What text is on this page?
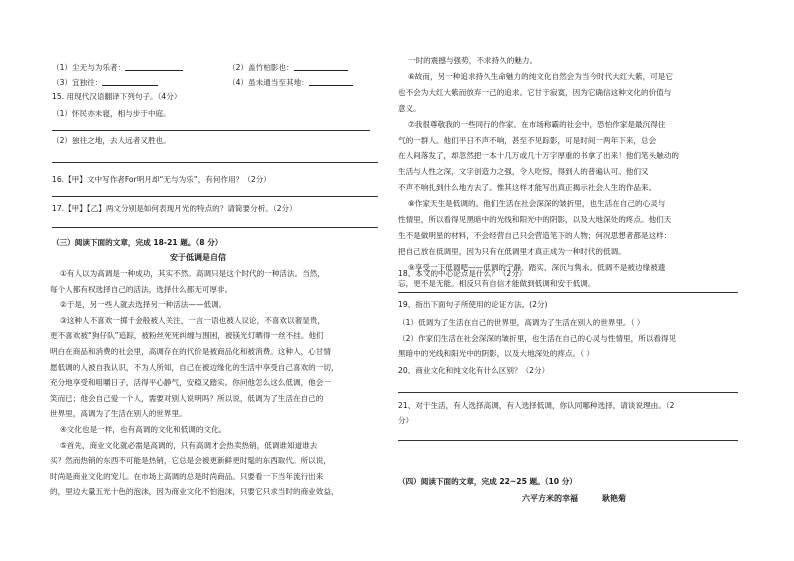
（1）尘无与为乐者：	（2）盖竹柏影也：
（3）宜独往：	（4）虽未通当至其地：
15. 用现代汉语翻译下列句子。（4分）
（1）怀民亦未寝，相与步于中庭。
（2）独往之地，去人远者又胜也。
16.【甲】文中写作者For明月却“无与为乐”，有何作用？（2分）
17.【甲】【乙】两文分别是如何表现月光的特点的？请简要分析。（2分）
（三）阅读下面的文章，完成 18-21 题。（8 分）
安于低调是自信
①有人以为高调是一种成功，其实不然。高调只是这个时代的一种活法。当然，
每个人都有权选择自己的活法，选择什么都无可厚非。
②于是，另一些人就去选择另一种活法——低调。
③这种人不喜欢一掷千金般被人关注，一言一语也被人议论，不喜欢以奢显贵，
更不喜欢被“狗仔队”追踪，被粉丝死死纠缠与围困，被镁光灯晒得一丝不挂。他们
明白在商品和消费的社会里，高调存在的代价是被商品化和被消费。这种人，心甘情
愿低调的人被自我认识，不为人所知，自己在被边缘化的生活中享受自己喜欢的一切，
充分地享受和咀嚼日子，活得平心静气，安稳又踏实。你问他怎么这么低调，他会一
笑而已；他会自己爱一个人，需要对别人说明吗？所以说，低调为了生活在自己的
世界里，高调为了生活在别人的世界里。
④文化也是一样，也有高调的文化和低调的文化。
⑤首先，商业文化就必需是高调的，只有高调才会热卖热销，低调谁知道谁去
买？然而热销的东西不可能是热销，它总是会被更新鲜更时髦的东西取代。所以说，
时尚是商业文化的宠儿。在市场上高调的总是时尚商品。只要看一下当年流行出来
的，里边大量五光十色的泡沫，因为商业文化不怕泡沫，只要它只求当时的商业效益，
一时的震撼与强势，不求持久的魅力。
⑥故而，另一种追求持久生命魅力的纯文化自然会为当今时代大红大紫，可是它
也不会为大红大紫而放弃一己的追求。它甘于寂寞，因为它确信这种文化的价值与
意义。
⑦我很尊敬我的一些同行的作家。在市场称霸的社会中，恐怕作家是最沉得住
气的一群人。他们平日不声不响，甚至不见踪影，可是时间一两年下来，总会
在人间落发了，却忽然把一本十几万或几十万字厚重的书拿了出来！他们笔头触动的
生活与人性之深，文字创造力之强，令人吃惊，得到人的普遍认可。他们又
不声不响扎到什么地方去了。惟其这样才能写出真正揭示社会人生的作品来。
⑧作家天生是低调的。他们生活在社会深深的皱折里，也生活在自己的心灵与
性情里，所以看得见黑暗中的光线和阳光中的阴影，以及大地深处的疼点。他们天
生不是做明星的材料，不会经营自己只会营造笔下的人物；何况思想者都是这样：
把自己放在低调里，因为只有在低调里才真正成为一种时代的低调。
⑨享受一下低调吧——低调的宁静、踏实、深沉与隽永。低调不是被边缘被遗
忘，更不是无能。相反只有自信才能做到低调和安于低调。
18、本文的中心论点是什么？（2分）
19、指出下面句子所使用的论证方法。(2分)
（1）低调为了生活在自己的世界里，高调为了生活在别人的世界里。（ ）
（2）作家们生活在社会深深的皱折里，也生活在自己的心灵与性情里，所以看得见
黑暗中的光线和阳光中的阴影，以及大地深处的疼点。（ ）
20、商业文化和纯文化有什么区别？（2分）
21、对于生活，有人选择高调，有人选择低调，你认同哪种选择，请谈说理由。（2
分）
（四）阅读下面的文章，完成 22~25 题。（10 分）
六平方米的幸福	耿艳菊
